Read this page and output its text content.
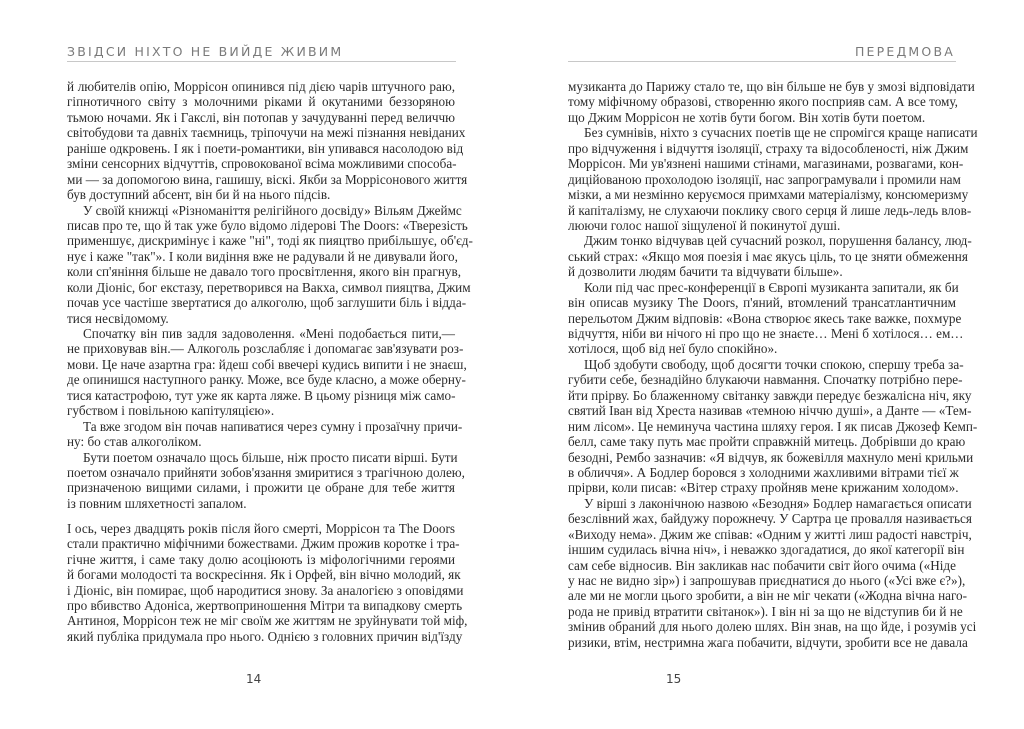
ЗВІДСИ НІХТО НЕ ВИЙДЕ ЖИВИМ	ПЕРЕДМОВА
й любителів опію, Моррісон опинився під дією чарів штучного раю,
гіпнотичного світу з молочними ріками й окутаними беззоряною
тьмою ночами. Як і Гакслі, він потопав у зачудуванні перед величчю
світобудови та давніх таємниць, тріпочучи на межі пізнання невіданих
раніше одкровень. І як і поети-романтики, він упивався насолодою від
зміни сенсорних відчуттів, спровокованої всіма можливими способа-
ми — за допомогою вина, гашишу, віскі. Якби за Моррісонового життя
був доступний абсент, він би й на нього підсів.
У своїй книжці «Різноманіття релігійного досвіду» Вільям Джеймс
писав про те, що й так уже було відомо лідерові The Doors: «Тверезість
применшує, дискримінує і каже "ні", тоді як пияцтво прибільшує, об'єд-
нує і каже "так"». І коли видіння вже не радували й не дивували його,
коли сп'яніння більше не давало того просвітлення, якого він прагнув,
коли Діоніс, бог екстазу, перетворився на Вакха, символ пияцтва, Джим
почав усе частіше звертатися до алкоголю, щоб заглушити біль і відда-
тися несвідомому.
Спочатку він пив задля задоволення. «Мені подобається пити,—
не приховував він.— Алкоголь розслабляє і допомагає зав'язувати роз-
мови. Це наче азартна гра: йдеш собі ввечері кудись випити і не знаєш,
де опинишся наступного ранку. Може, все буде класно, а може оберну-
тися катастрофою, тут уже як карта ляже. В цьому різниця між само-
губством і повільною капітуляцією».
Та вже згодом він почав напиватися через сумну і прозаїчну причи-
ну: бо став алкоголіком.
Бути поетом означало щось більше, ніж просто писати вірші. Бути
поетом означало прийняти зобов'язання змиритися з трагічною долею,
призначеною вищими силами, і прожити це обране для тебе життя
із повним шляхетності запалом.
І ось, через двадцять років після його смерті, Моррісон та The Doors
стали практично міфічними божествами. Джим прожив коротке і тра-
гічне життя, і саме таку долю асоціюють із міфологічними героями
й богами молодості та воскресіння. Як і Орфей, він вічно молодий, як
і Діоніс, він помирає, щоб народитися знову. За аналогією з оповідями
про вбивство Адоніса, жертвоприношення Мітри та випадкову смерть
Антиноя, Моррісон теж не міг своїм же життям не зруйнувати той міф,
який публіка придумала про нього. Однією з головних причин від'їзду
музиканта до Парижу стало те, що він більше не був у змозі відповідати
тому міфічному образові, створенню якого посприяв сам. А все тому,
що Джим Моррісон не хотів бути богом. Він хотів бути поетом.
Без сумнівів, ніхто з сучасних поетів ще не спромігся краще написати
про відчуження і відчуття ізоляції, страху та відособленості, ніж Джим
Моррісон. Ми ув'язнені нашими стінами, магазинами, розвагами, кон-
диційованою прохолодою ізоляції, нас запрограмували і промили нам
мізки, а ми незмінно керуємося примхами матеріалізму, консюмеризму
й капіталізму, не слухаючи поклику свого серця й лише ледь-ледь влов-
люючи голос нашої зіщуленої й покинутої душі.
Джим тонко відчував цей сучасний розкол, порушення балансу, люд-
ський страх: «Якщо моя поезія і має якусь ціль, то це зняти обмеження
й дозволити людям бачити та відчувати більше».
Коли під час прес-конференції в Європі музиканта запитали, як би
він описав музику The Doors, п'яний, втомлений трансатлантичним
перельотом Джим відповів: «Вона створює якесь таке важке, похмуре
відчуття, ніби ви нічого ні про що не знаєте… Мені б хотілося… ем…
хотілося, щоб від неї було спокійно».
Щоб здобути свободу, щоб досягти точки спокою, спершу треба за-
губити себе, безнадійно блукаючи навмання. Спочатку потрібно пере-
йти прірву. Бо блаженному світанку завжди передує безжалісна ніч, яку
святий Іван від Хреста називав «темною ніччю душі», а Данте — «Тем-
ним лісом». Це неминуча частина шляху героя. І як писав Джозеф Кемп-
белл, саме таку путь має пройти справжній митець. Добрівши до краю
безодні, Рембо зазначив: «Я відчув, як божевілля махнуло мені крильми
в обличчя». А Бодлер боровся з холодними жахливими вітрами тієї ж
прірви, коли писав: «Вітер страху пройняв мене крижаним холодом».
У вірші з лаконічною назвою «Безодня» Бодлер намагається описати
безслівний жах, байдужу порожнечу. У Сартра це провалля називається
«Виходу нема». Джим же співав: «Одним у житті лиш радості навстріч,
іншим судилась вічна ніч», і неважко здогадатися, до якої категорії він
сам себе відносив. Він закликав нас побачити світ його очима («Ніде
у нас не видно зір») і запрошував приєднатися до нього («Усі вже є?»),
але ми не могли цього зробити, а він не міг чекати («Жодна вічна наго-
рода не привід втратити світанок»). І він ні за що не відступив би й не
змінив обраний для нього долею шлях. Він знав, на що йде, і розумів усі
ризики, втім, нестримна жага побачити, відчути, зробити все не давала
14	15
